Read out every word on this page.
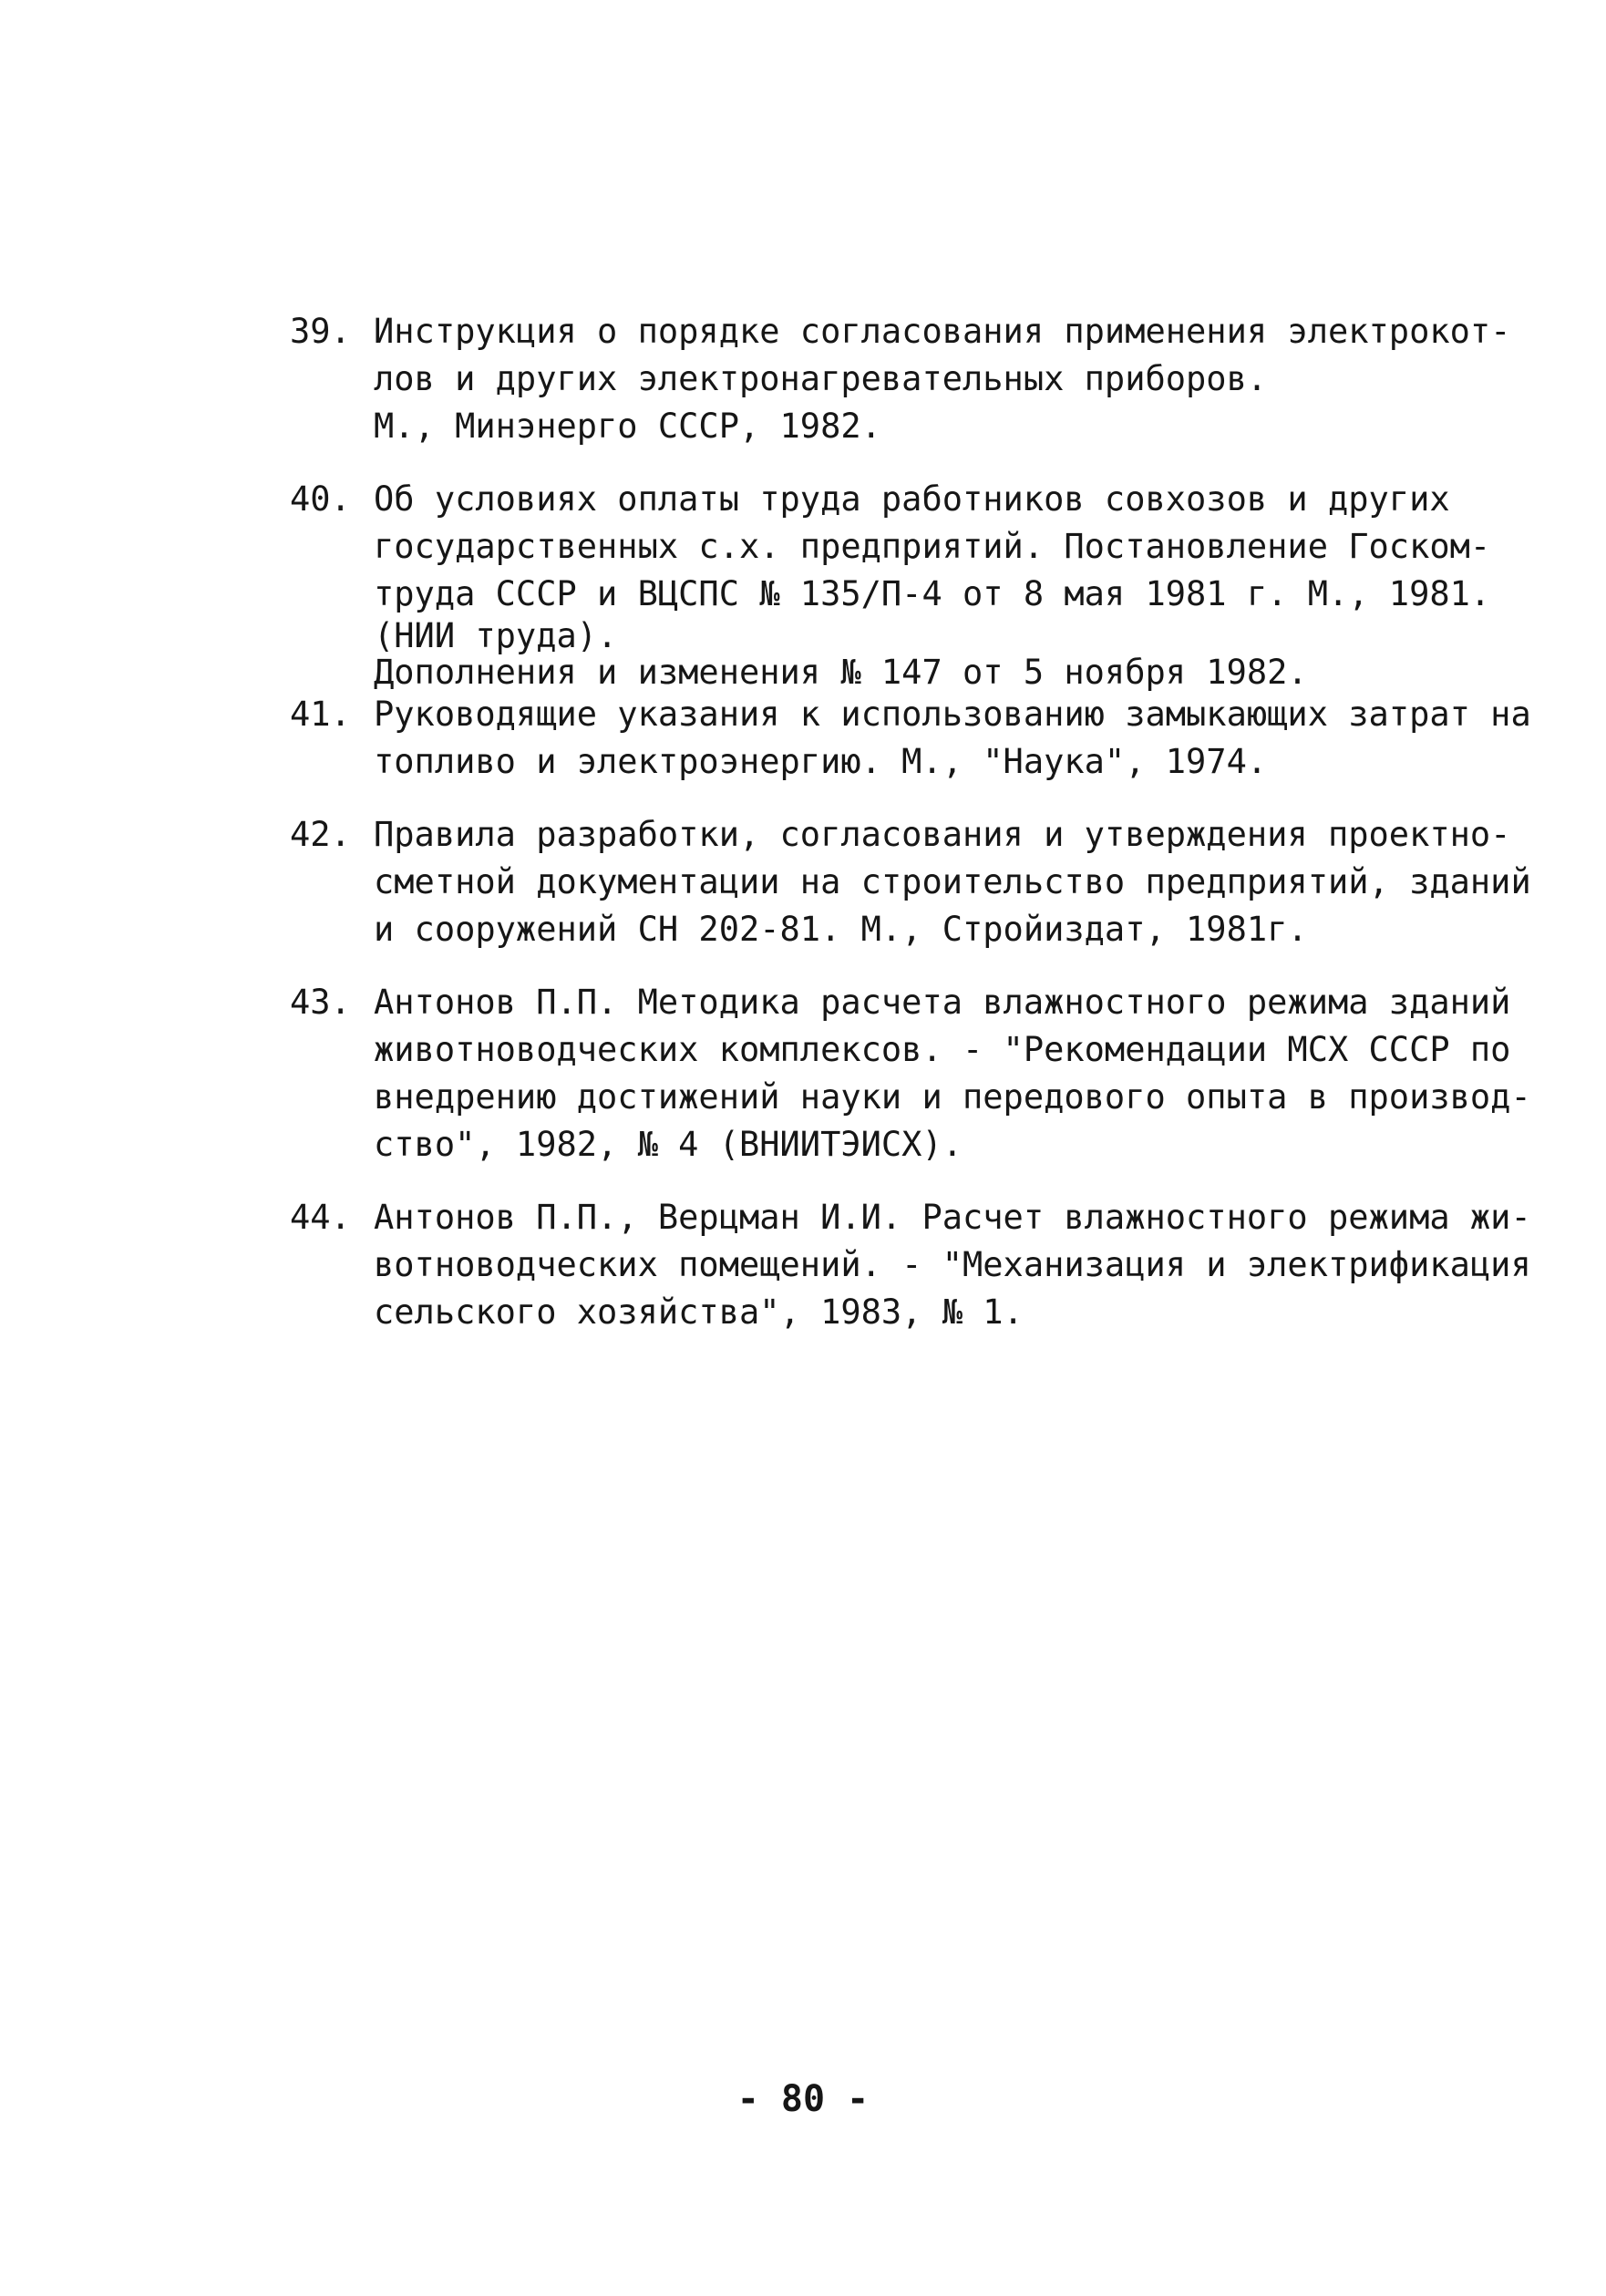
39. Инструкция о порядке согласования применения электрокот-
лов и других электронагревательных приборов.
М., Минэнерго СССР, 1982.
40. Об условиях оплаты труда работников совхозов и других
государственных с.х. предприятий. Постановление Госком-
труда СССР и ВЦСПС № 135/П-4 от 8 мая 1981 г. М., 1981.
(НИИ труда).
Дополнения и изменения № 147 от 5 ноября 1982.
41. Руководящие указания к использованию замыкающих затрат на
топливо и электроэнергию. М., "Наука", 1974.
42. Правила разработки, согласования и утверждения проектно-
сметной документации на строительство предприятий, зданий
и сооружений СН 202-81. М., Стройиздат, 1981г.
43. Антонов П.П. Методика расчета влажностного режима зданий
животноводческих комплексов. - "Рекомендации МСХ СССР по
внедрению достижений науки и передового опыта в производ-
ство", 1982, № 4 (ВНИИТЭИСХ).
44. Антонов П.П., Верцман И.И. Расчет влажностного режима жи-
вотноводческих помещений. - "Механизация и электрификация
сельского хозяйства", 1983, № 1.
- 80 -
